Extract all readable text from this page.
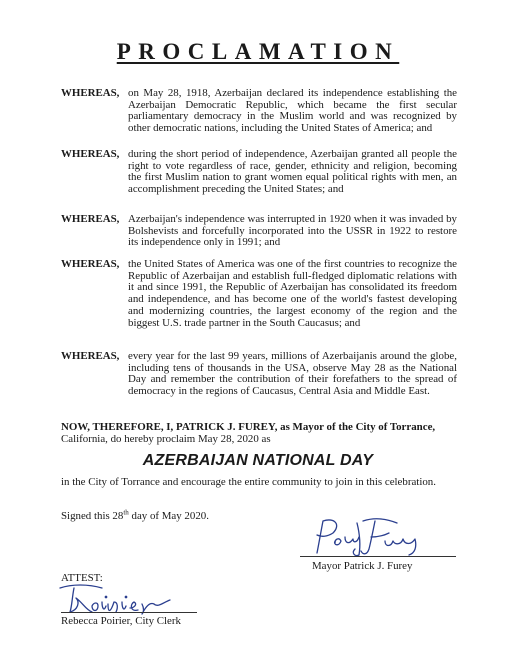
PROCLAMATION
WHEREAS, on May 28, 1918, Azerbaijan declared its independence establishing the Azerbaijan Democratic Republic, which became the first secular parliamentary democracy in the Muslim world and was recognized by other democratic nations, including the United States of America; and
WHEREAS, during the short period of independence, Azerbaijan granted all people the right to vote regardless of race, gender, ethnicity and religion, becoming the first Muslim nation to grant women equal political rights with men, an accomplishment preceding the United States; and
WHEREAS, Azerbaijan's independence was interrupted in 1920 when it was invaded by Bolshevists and forcefully incorporated into the USSR in 1922 to restore its independence only in 1991; and
WHEREAS, the United States of America was one of the first countries to recognize the Republic of Azerbaijan and establish full-fledged diplomatic relations with it and since 1991, the Republic of Azerbaijan has consolidated its freedom and independence, and has become one of the world's fastest developing and modernizing countries, the largest economy of the region and the biggest U.S. trade partner in the South Caucasus; and
WHEREAS, every year for the last 99 years, millions of Azerbaijanis around the globe, including tens of thousands in the USA, observe May 28 as the National Day and remember the contribution of their forefathers to the spread of democracy in the regions of Caucasus, Central Asia and Middle East.
NOW, THEREFORE, I, PATRICK J. FUREY, as Mayor of the City of Torrance, California, do hereby proclaim May 28, 2020 as
AZERBAIJAN NATIONAL DAY
in the City of Torrance and encourage the entire community to join in this celebration.
Signed this 28th day of May 2020.
Mayor Patrick J. Furey
ATTEST:
Rebecca Poirier, City Clerk
